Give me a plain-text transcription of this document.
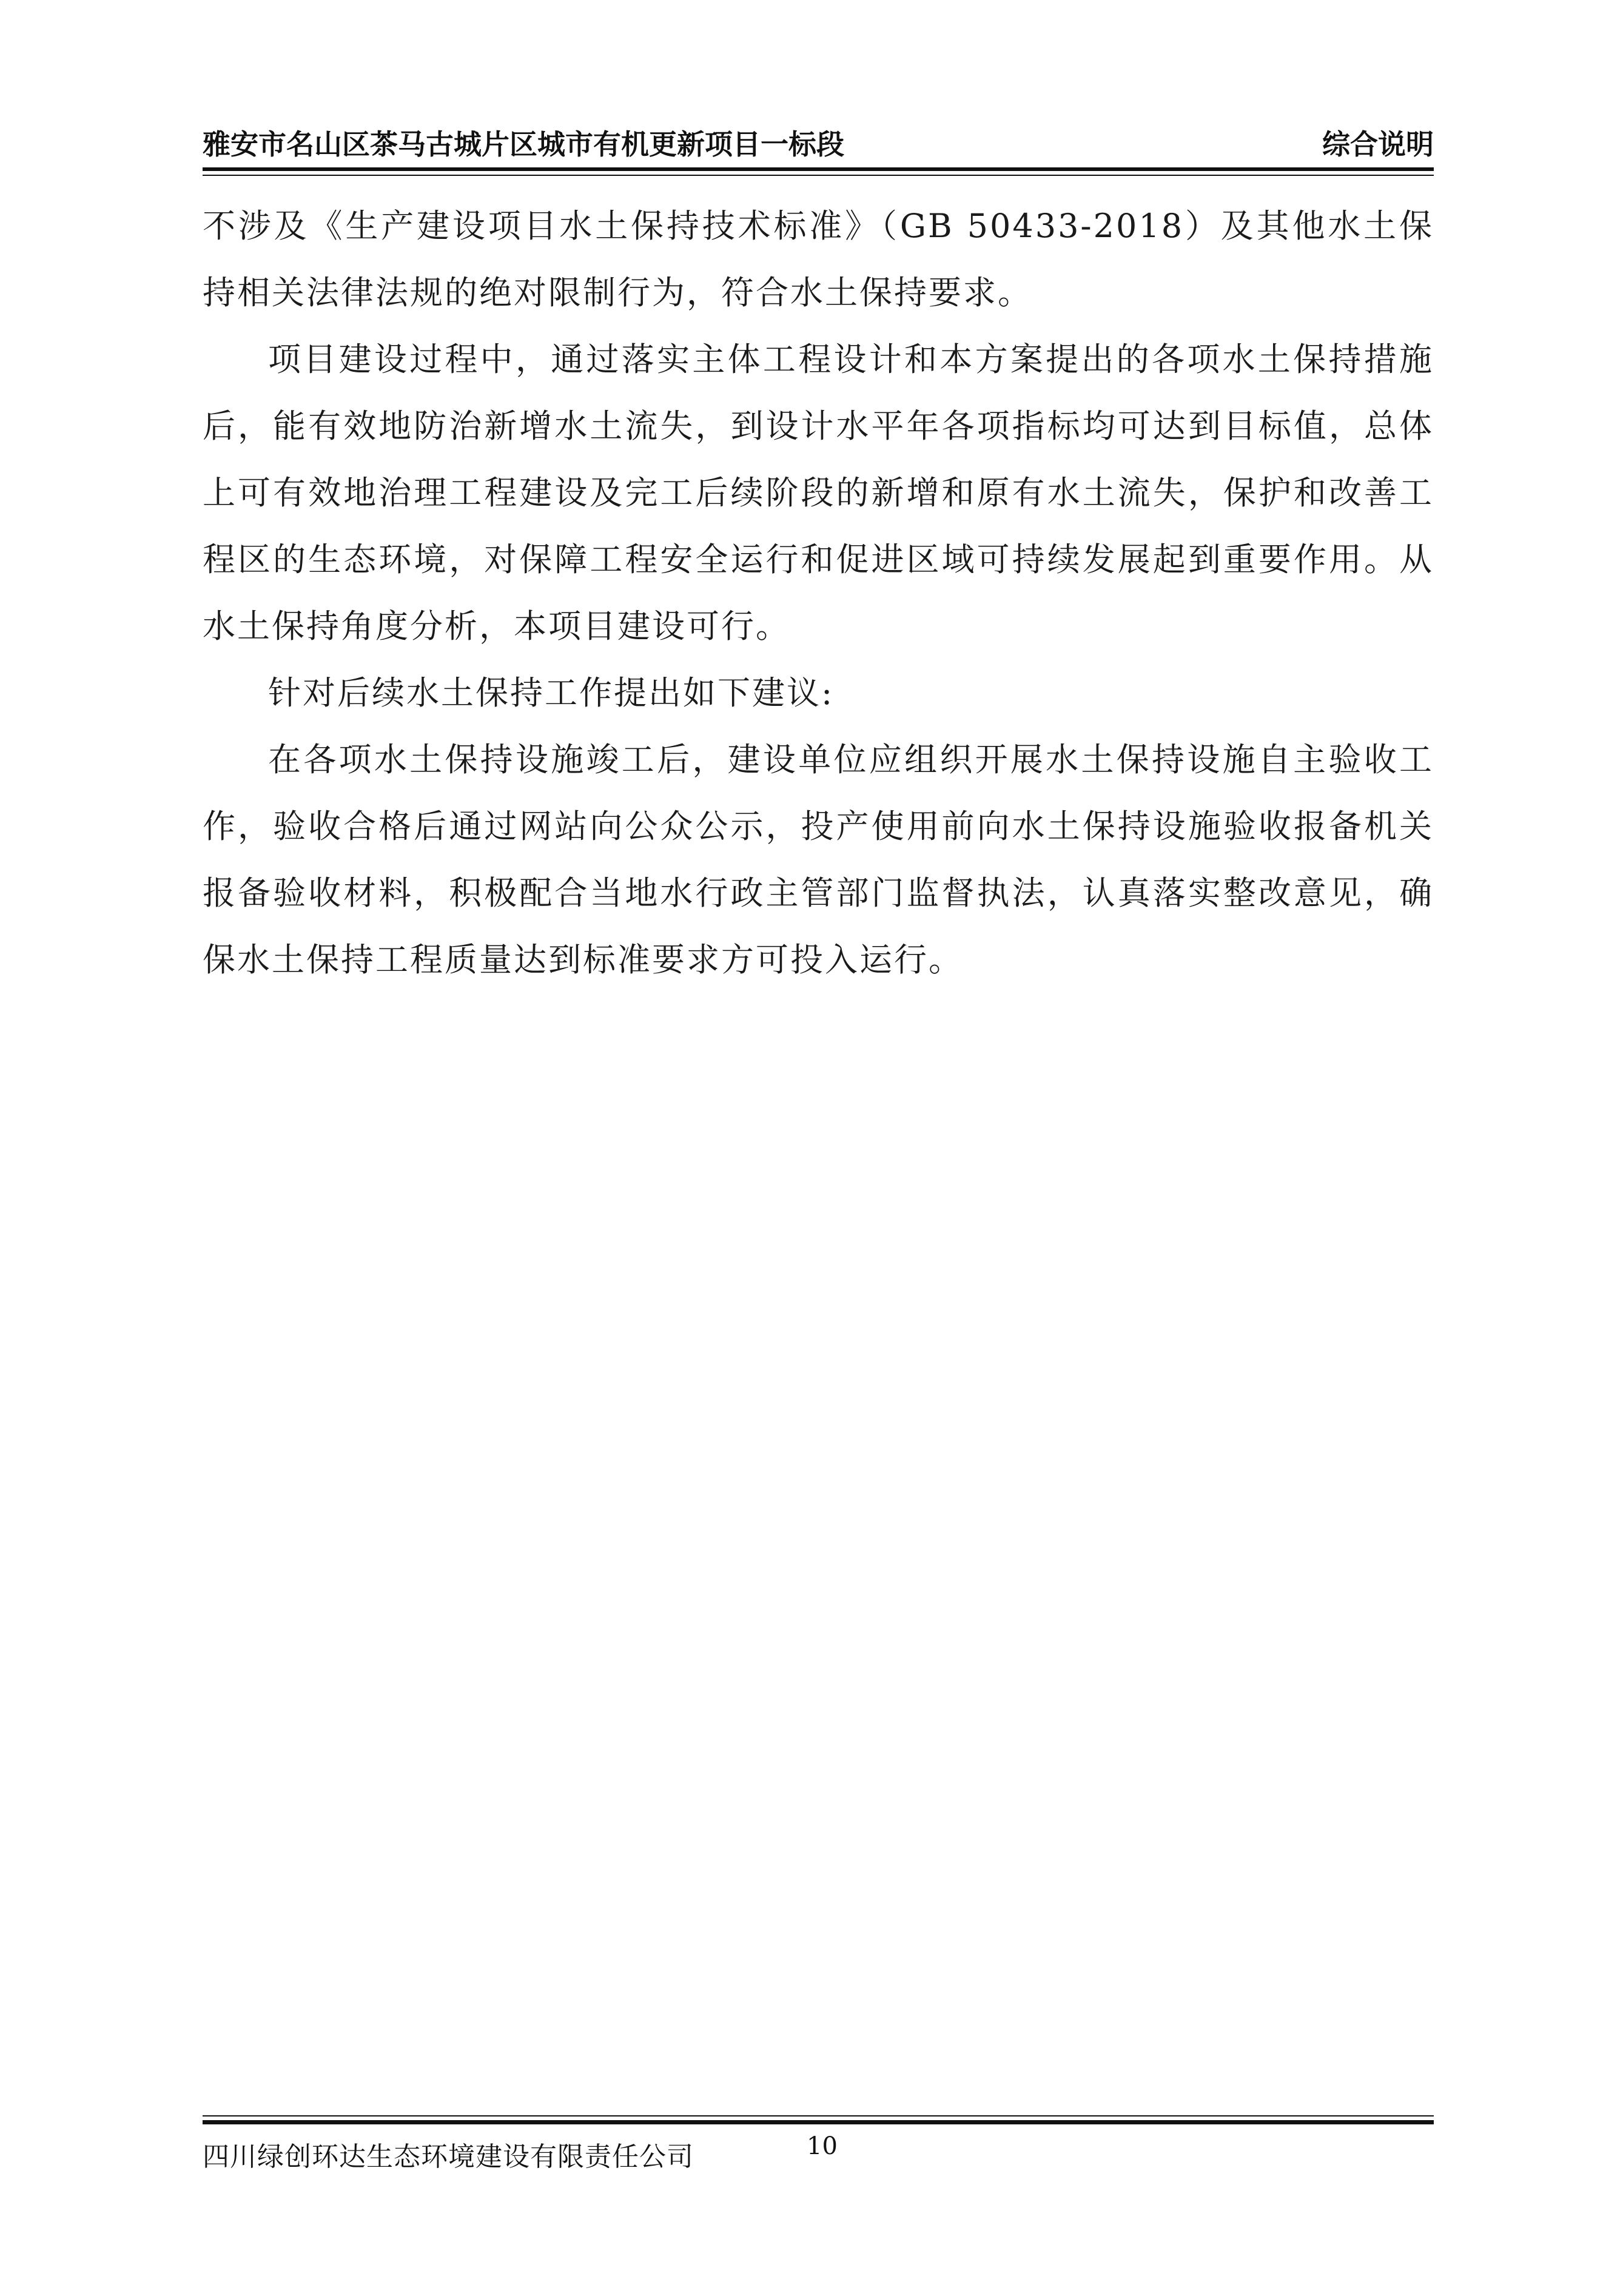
雅安市名山区茶马古城片区城市有机更新项目一标段	综合说明

不涉及《生产建设项目水土保持技术标准》（GB 50433-2018）及其他水土保持相关法律法规的绝对限制行为，符合水土保持要求。

项目建设过程中，通过落实主体工程设计和本方案提出的各项水土保持措施后，能有效地防治新增水土流失，到设计水平年各项指标均可达到目标值，总体上可有效地治理工程建设及完工后续阶段的新增和原有水土流失，保护和改善工程区的生态环境，对保障工程安全运行和促进区域可持续发展起到重要作用。从水土保持角度分析，本项目建设可行。

针对后续水土保持工作提出如下建议:

在各项水土保持设施竣工后，建设单位应组织开展水土保持设施自主验收工作，验收合格后通过网站向公众公示，投产使用前向水土保持设施验收报备机关报备验收材料，积极配合当地水行政主管部门监督执法，认真落实整改意见，确保水土保持工程质量达到标准要求方可投入运行。

四川绿创环达生态环境建设有限责任公司	10
